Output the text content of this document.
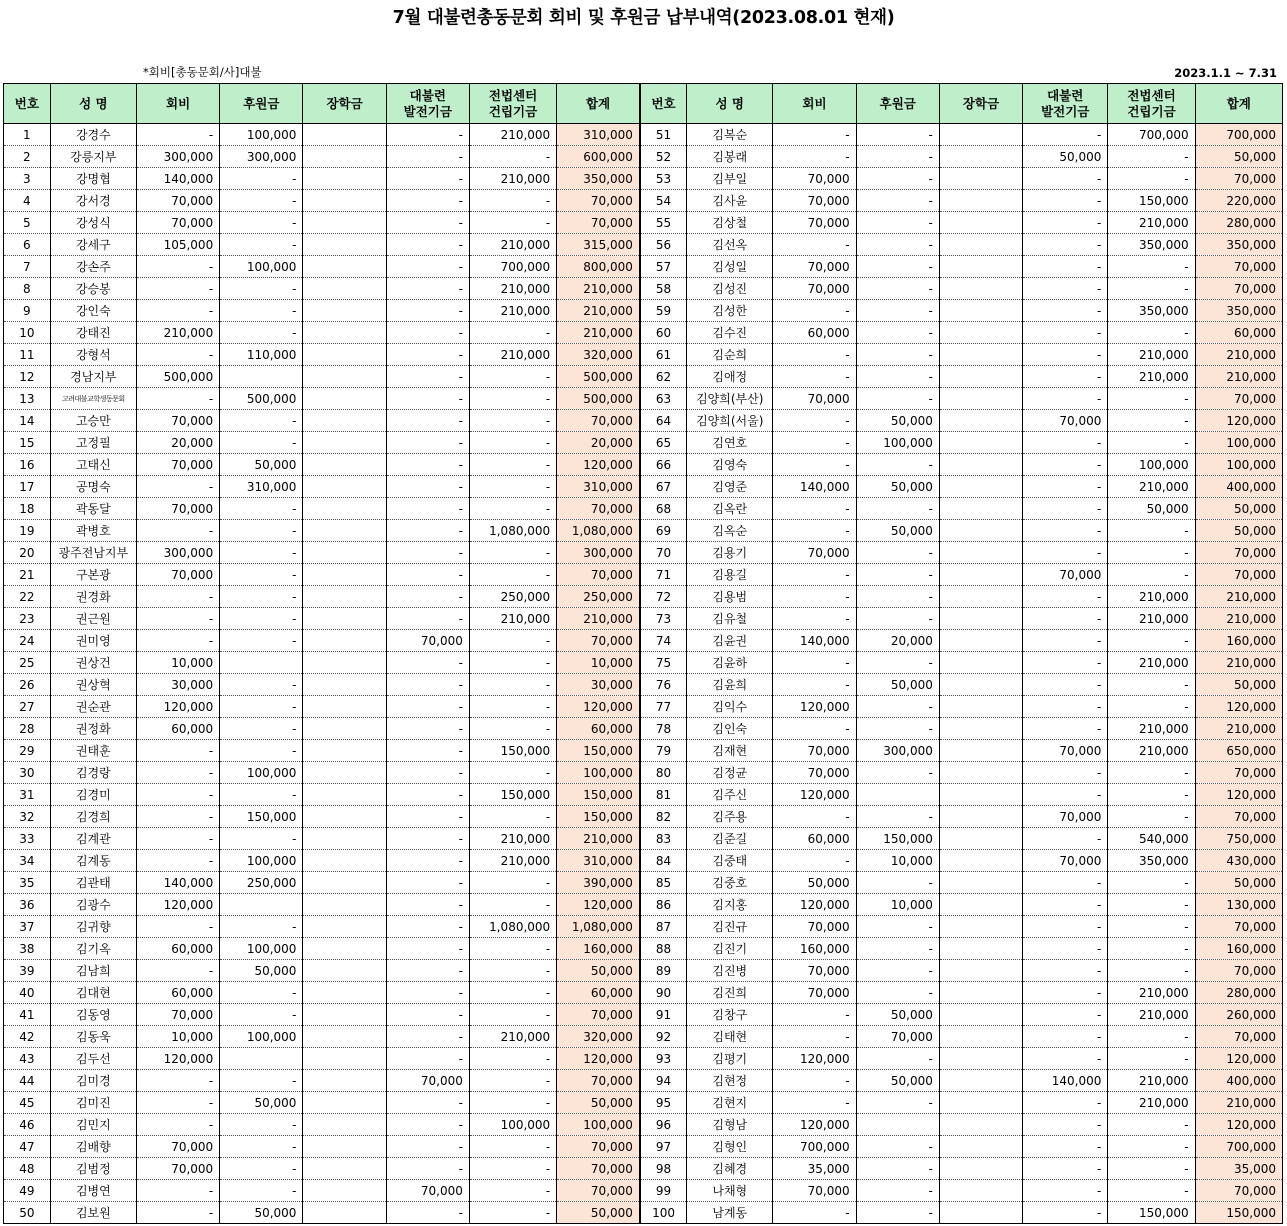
7월 대불련총동문회 회비 및 후원금 납부내역(2023.08.01 현재)
*회비[총동문회/사]대불	2023.1.1 ~ 7.31
번호	성 명	회비	후원금	장학금	대불련
발전기금	전법센터
건립기금	합계	번호	성 명	회비	후원금	장학금	대불련
발전기금	전법센터
건립기금	합계
1	강경수	-	100,000		-	210,000	310,000	51	김복순	-	-		-	700,000	700,000
2	강릉지부	300,000	300,000		-	-	600,000	52	김봉래	-	-		50,000	-	50,000
3	강명협	140,000	-		-	210,000	350,000	53	김부일	70,000	-		-	-	70,000
4	강서경	70,000	-		-	-	70,000	54	김사윤	70,000	-		-	150,000	220,000
5	강성식	70,000	-		-	-	70,000	55	김상철	70,000	-		-	210,000	280,000
6	강세구	105,000	-		-	210,000	315,000	56	김선옥	-	-		-	350,000	350,000
7	강손주	-	100,000		-	700,000	800,000	57	김성일	70,000	-		-	-	70,000
8	강승봉	-	-		-	210,000	210,000	58	김성진	70,000	-		-	-	70,000
9	강인숙	-	-		-	210,000	210,000	59	김성한	-	-		-	350,000	350,000
10	강태진	210,000	-		-	-	210,000	60	김수진	60,000	-		-	-	60,000
11	강형석	-	110,000		-	210,000	320,000	61	김순희	-	-		-	210,000	210,000
12	경남지부	500,000			-	-	500,000	62	김애정	-	-		-	210,000	210,000
13	고려대불교학생동문회	-	500,000		-	-	500,000	63	김양희(부산)	70,000	-		-	-	70,000
14	고승만	70,000	-		-	-	70,000	64	김양희(서울)	-	50,000		70,000	-	120,000
15	고정필	20,000	-		-	-	20,000	65	김연호	-	100,000		-	-	100,000
16	고태신	70,000	50,000		-	-	120,000	66	김영숙	-	-		-	100,000	100,000
17	공명숙	-	310,000		-	-	310,000	67	김영준	140,000	50,000		-	210,000	400,000
18	곽동달	70,000	-		-	-	70,000	68	김옥란	-	-		-	50,000	50,000
19	곽병호	-	-		-	1,080,000	1,080,000	69	김옥순	-	50,000		-	-	50,000
20	광주전남지부	300,000	-		-	-	300,000	70	김용기	70,000	-		-	-	70,000
21	구본광	70,000	-		-	-	70,000	71	김용길	-	-		70,000	-	70,000
22	권경화	-	-		-	250,000	250,000	72	김용범	-	-		-	210,000	210,000
23	권근원	-	-		-	210,000	210,000	73	김유철	-	-		-	210,000	210,000
24	권미영	-	-		70,000	-	70,000	74	김윤권	140,000	20,000		-	-	160,000
25	권상건	10,000			-	-	10,000	75	김윤하	-	-		-	210,000	210,000
26	권상혁	30,000	-		-	-	30,000	76	김윤희	-	50,000		-	-	50,000
27	권순관	120,000	-		-	-	120,000	77	김익수	120,000	-		-	-	120,000
28	권정화	60,000	-		-	-	60,000	78	김인숙	-	-		-	210,000	210,000
29	권태훈	-	-		-	150,000	150,000	79	김재현	70,000	300,000		70,000	210,000	650,000
30	김경랑	-	100,000		-	-	100,000	80	김정균	70,000	-		-	-	70,000
31	김경미	-	-		-	150,000	150,000	81	김주신	120,000			-	-	120,000
32	김경희	-	150,000		-	-	150,000	82	김주용	-	-		70,000	-	70,000
33	김계관	-	-		-	210,000	210,000	83	김준길	60,000	150,000		-	540,000	750,000
34	김계동	-	100,000		-	210,000	310,000	84	김중태	-	10,000		70,000	350,000	430,000
35	김관태	140,000	250,000		-	-	390,000	85	김중호	50,000	-		-	-	50,000
36	김광수	120,000			-	-	120,000	86	김지홍	120,000	10,000		-	-	130,000
37	김귀향	-	-		-	1,080,000	1,080,000	87	김진규	70,000	-		-	-	70,000
38	김기옥	60,000	100,000		-	-	160,000	88	김진기	160,000	-		-	-	160,000
39	김남희	-	50,000		-	-	50,000	89	김진병	70,000	-		-	-	70,000
40	김대현	60,000	-		-	-	60,000	90	김진희	70,000	-		-	210,000	280,000
41	김동영	70,000	-		-	-	70,000	91	김창구	-	50,000		-	210,000	260,000
42	김동욱	10,000	100,000		-	210,000	320,000	92	김태현	-	70,000		-	-	70,000
43	김두선	120,000			-	-	120,000	93	김평기	120,000	-		-	-	120,000
44	김미경	-	-		70,000	-	70,000	94	김현정	-	50,000		140,000	210,000	400,000
45	김미진	-	50,000		-	-	50,000	95	김현지	-	-		-	210,000	210,000
46	김민지	-	-		-	100,000	100,000	96	김형남	120,000			-	-	120,000
47	김배향	70,000	-		-	-	70,000	97	김형인	700,000	-		-	-	700,000
48	김범정	70,000	-		-	-	70,000	98	김혜경	35,000	-		-	-	35,000
49	김병연	-	-		70,000	-	70,000	99	나채형	70,000	-		-	-	70,000
50	김보원	-	50,000		-	-	50,000	100	남계동	-	-		-	150,000	150,000
